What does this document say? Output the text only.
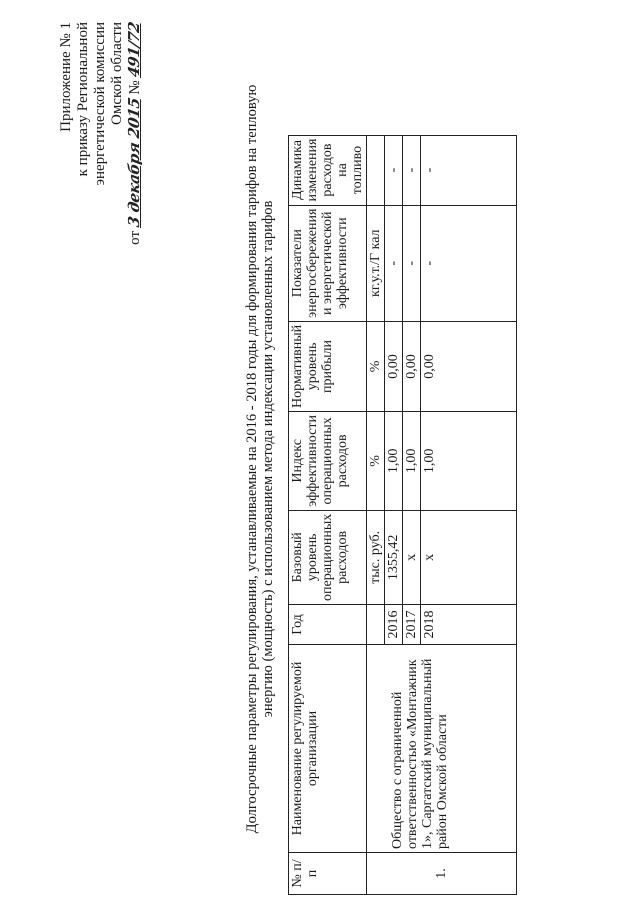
Приложение № 1 к приказу Региональной энергетической комиссии Омской области
от 3 декабря 2015 № 491/72
Долгосрочные параметры регулирования, устанавливаемые на 2016 - 2018 годы для формирования тарифов на тепловую энергию (мощность) с использованием метода индексации установленных тарифов
№ п/п	Наименование регулируемой организации	Год	Базовый уровень операционных расходов	Индекс эффективности операционных расходов	Нормативный уровень прибыли	Показатели энергосбережения и энергетической эффективности	Динамика изменения расходов на топливо
1.	Общество с ограниченной ответственностью «Монтажник 1», Саргатский муниципальный район Омской области		тыс. руб.	%	%	кг.у.т./Г кал	
		2016	1355,42	1,00	0,00	-	-
		2017	x	1,00	0,00	-	-
		2018	x	1,00	0,00	-	-
